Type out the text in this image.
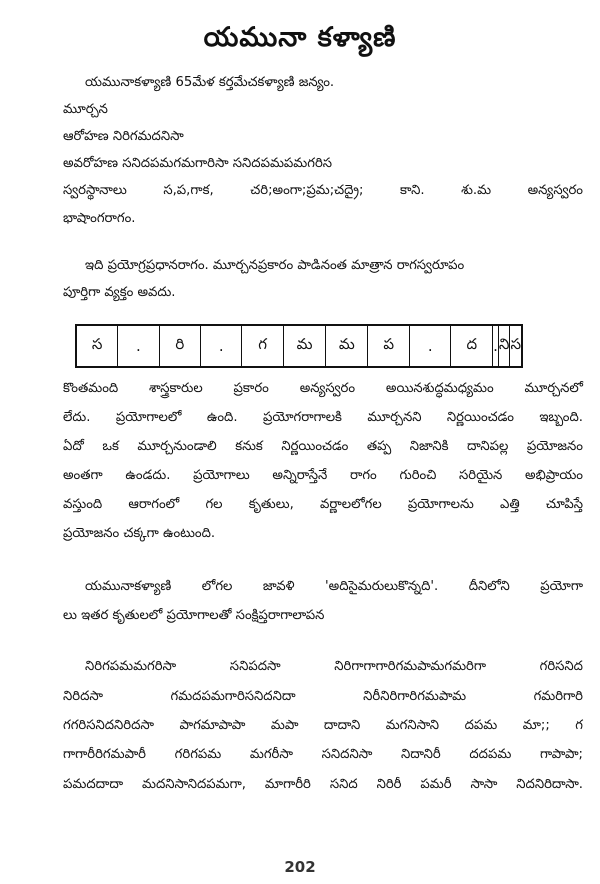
యమునా కళ్యాణి
యమునాకళ్యాణి 65మేళ కర్తమేచకళ్యాణి జన్యం.
మూర్చన
ఆరోహణ నిరిగమదనిసా
అవరోహణ సనిదపమగమగారిసా సనిదపమపమగరిస
స్వరస్థానాలు స,ప,గాక, చరి;అంగా;ప్రమ;చద్రై; కాని. శు.మ అన్యస్వరం
భాషాంగరాగం.
ఇది ప్రయోగ్రప్రధానరాగం. మూర్చనప్రకారం పాడినంత మాత్రాన రాగస్వరూపం
పూర్తిగా వ్యక్తం అవదు.
స	.	రి	.	గ	మ	మ	ప	.	ద	.	ని	స
కొంతమంది శాస్త్రకారుల ప్రకారం అన్యస్వరం అయినశుద్ధమధ్యమం మూర్చనలో
లేదు. ప్రయోగాలలో ఉంది. ప్రయోగరాగాలకి మూర్చనని నిర్ణయించడం ఇబ్బంది.
ఏదో ఒక మూర్చనుండాలి కనుక నిర్ణయించడం తప్ప నిజానికి దానిపల్ల ప్రయోజనం
అంతగా ఉండదు. ప్రయోగాలు అన్నిరాస్తేనే రాగం గురించి సరియైన అభిప్రాయం
వస్తుంది ఆరాగంలో గల కృతులు, వర్ణాలలోగల ప్రయోగాలను ఎత్తి చూపిస్తే
ప్రయోజనం చక్కగా ఉంటుంది.
యమునాకళ్యాణి లోగల జావళి 'అదిసైమరులుకొన్నది'. దీనిలోని ప్రయోగా
లు ఇతర కృతులలో ప్రయోగాలతో సంక్షిప్తరాగాలాపన
నిరిగపమమగరిసా సనిపదసా నిరిగాగాగారిగమపామగమరిగా గరిసనిద
నిరిదసా గమదపమగారిసనిదనిదా నిరీనిరిగారిగమపామ గమరిగారి
గగరిసనిదనిరిదసా పాగమాపాపా మపా దాదాని మగనిసాని దపమ మా;; గ
గాగారీరిగమపారీ గరిగపమ మగరీసా సనిదనిసా నిదానిరీ దదపమ గాపాపా;
పమదదాదా మదనిసానిదపమగా, మాగారీరి సనిద నిరిరీ పమరీ సాసా నిదనిరిదాసా.
202
